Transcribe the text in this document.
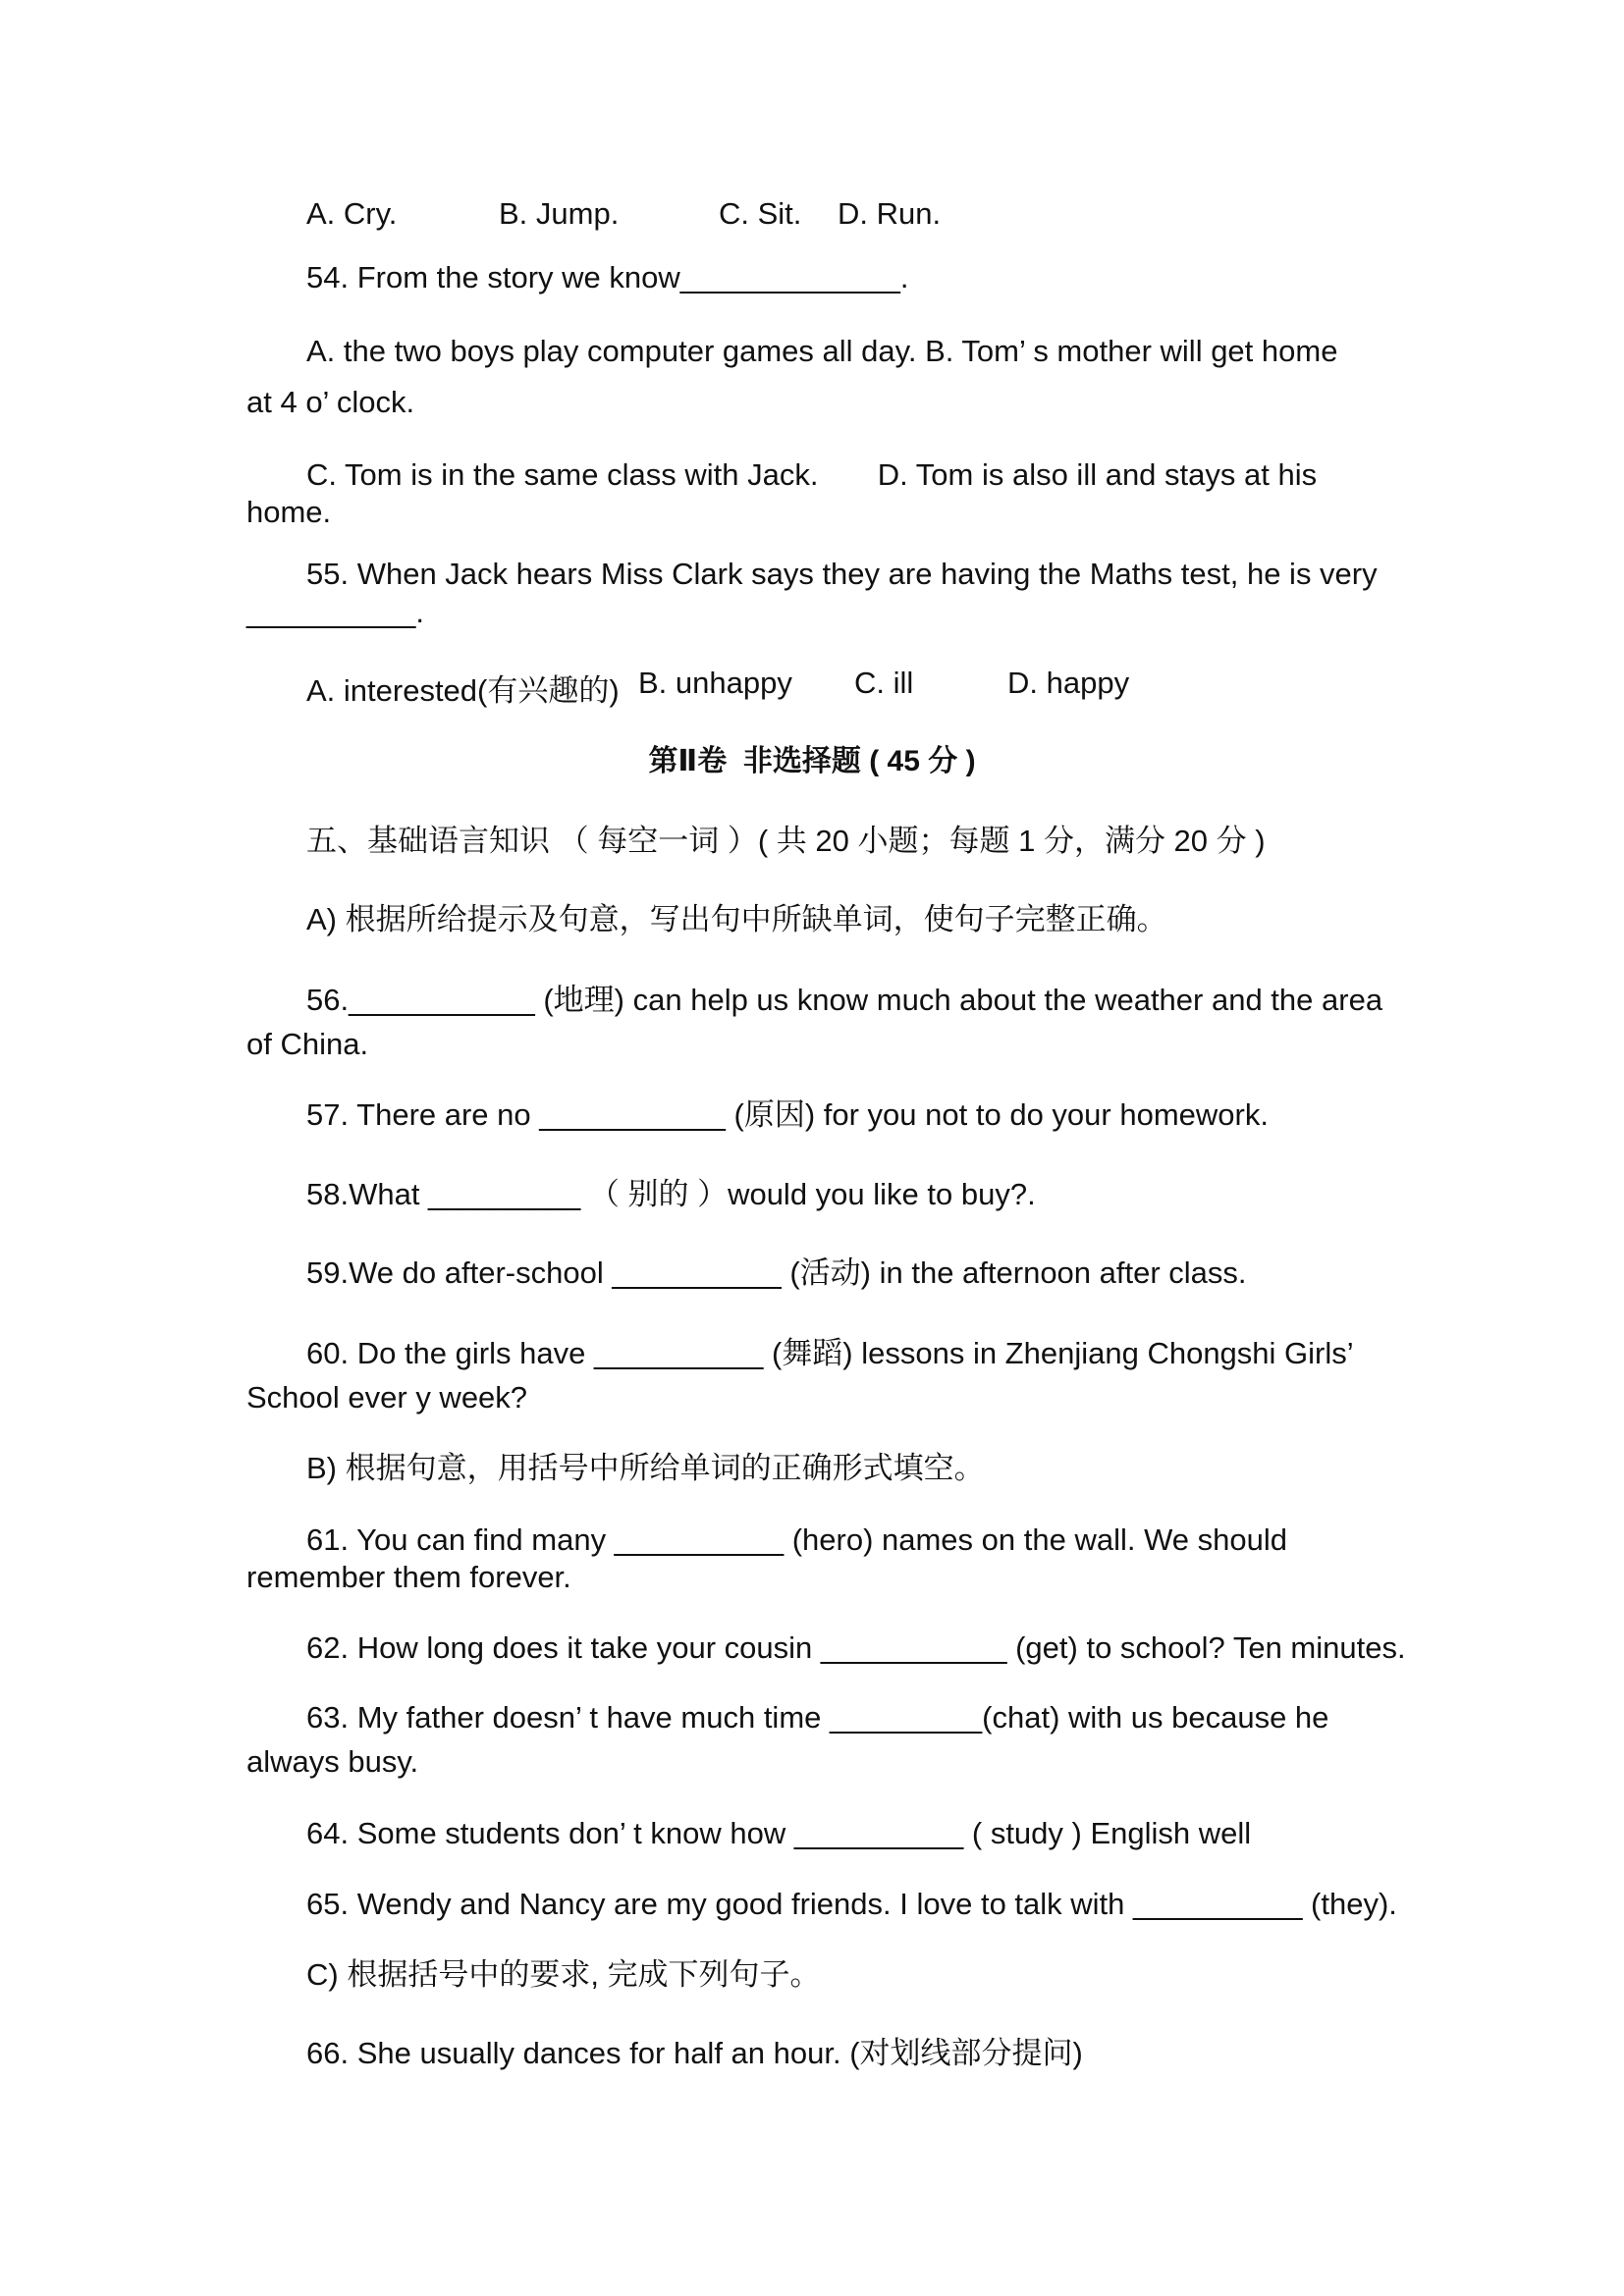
A. Cry.	B. Jump.	C. Sit. D. Run.
54. From the story we know_____________.
A. the two boys play computer games all day. B. Tom’ s mother will get home
at 4 o’ clock.
C. Tom is in the same class with Jack.       D. Tom is also ill and stays at his
home.
55. When Jack hears Miss Clark says they are having the Maths test, he is very
__________.
A. interested(有兴趣的) B. unhappy C. ill	D. happy
第Ⅱ卷  非选择题 ( 45 分 )
五、基础语言知识 （ 每空一词 ）( 共 20 小题；每题 1 分，满分 20 分 )
A) 根据所给提示及句意，写出句中所缺单词，使句子完整正确。
56.___________ (地理) can help us know much about the weather and the area
of China.
57. There are no ___________ (原因) for you not to do your homework.
58.What _________ （ 别的 ）would you like to buy?.
59.We do after-school __________ (活动) in the afternoon after class.
60. Do the girls have __________ (舞蹈) lessons in Zhenjiang Chongshi Girls’
School ever y week?
B) 根据句意，用括号中所给单词的正确形式填空。
61. You can find many __________ (hero) names on the wall. We should
remember them forever.
62. How long does it take your cousin ___________ (get) to school? Ten minutes.
63. My father doesn’ t have much time _________(chat) with us because he
always busy.
64. Some students don’ t know how __________ ( study ) English well
65. Wendy and Nancy are my good friends. I love to talk with __________ (they).
C) 根据括号中的要求, 完成下列句子。
66. She usually dances for half an hour. (对划线部分提问)
